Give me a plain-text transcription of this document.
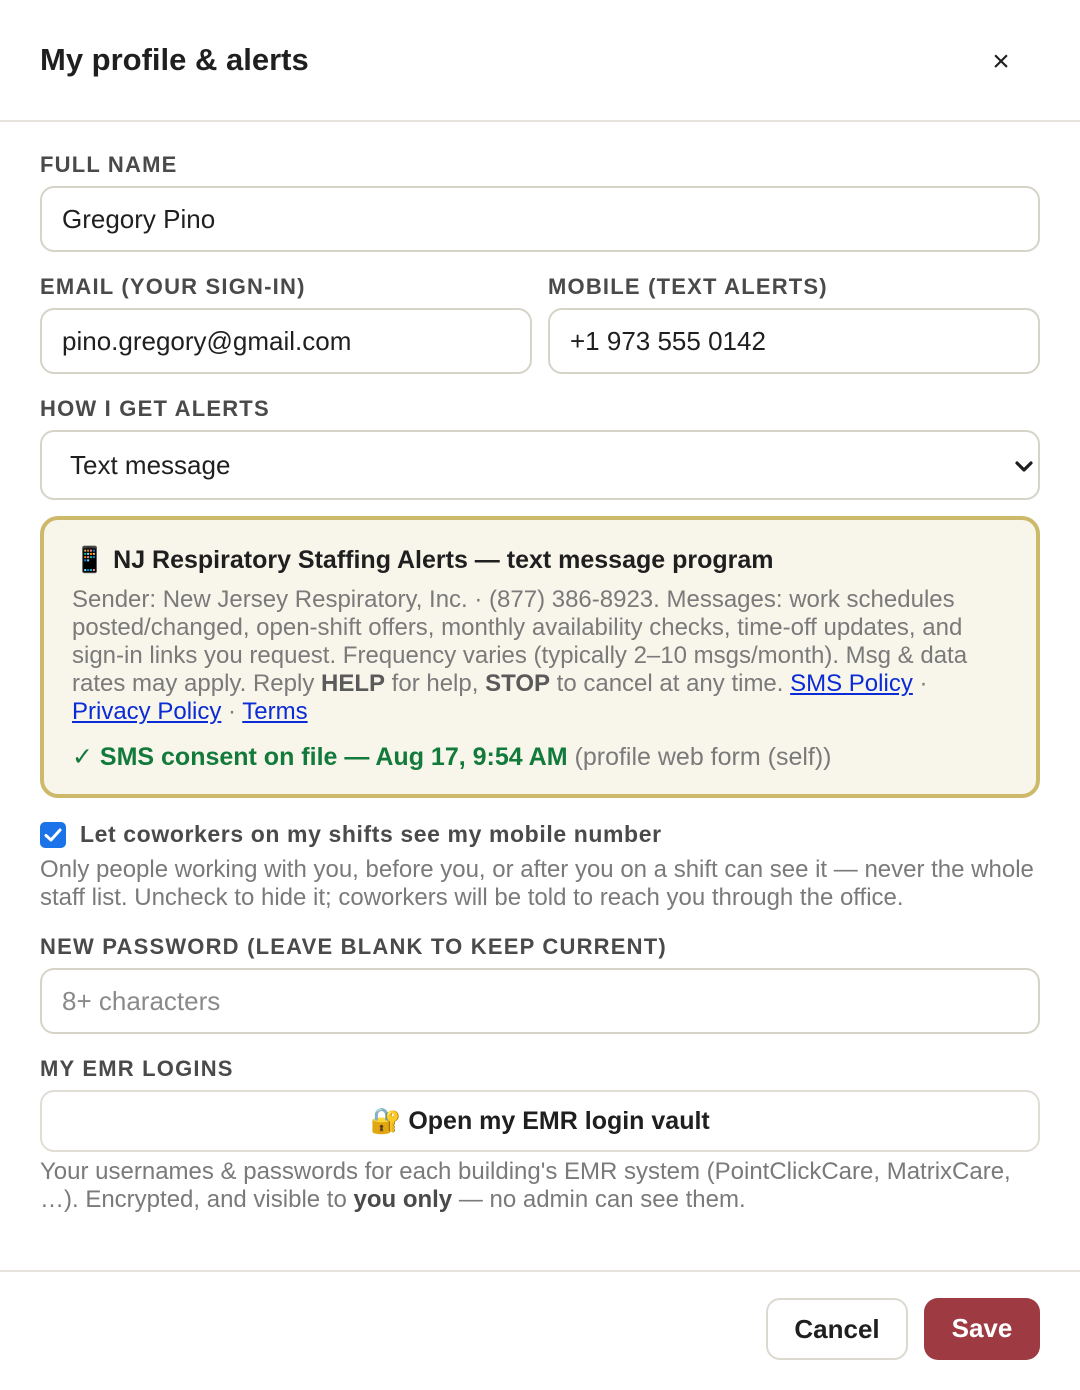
My profile & alerts	×
FULL NAME
Gregory Pino
EMAIL (YOUR SIGN-IN)
pino.gregory@gmail.com
MOBILE (TEXT ALERTS)
+1 973 555 0142
HOW I GET ALERTS
Text message
📱 NJ Respiratory Staffing Alerts — text message program
Sender: New Jersey Respiratory, Inc. · (877) 386-8923. Messages: work schedules posted/changed, open-shift offers, monthly availability checks, time-off updates, and sign-in links you request. Frequency varies (typically 2–10 msgs/month). Msg & data rates may apply. Reply HELP for help, STOP to cancel at any time. SMS Policy · Privacy Policy · Terms
✓ SMS consent on file — Aug 17, 9:54 AM (profile web form (self))
Let coworkers on my shifts see my mobile number
Only people working with you, before you, or after you on a shift can see it — never the whole staff list. Uncheck to hide it; coworkers will be told to reach you through the office.
NEW PASSWORD (LEAVE BLANK TO KEEP CURRENT)
8+ characters
MY EMR LOGINS
🔐 Open my EMR login vault
Your usernames & passwords for each building's EMR system (PointClickCare, MatrixCare, …). Encrypted, and visible to you only — no admin can see them.
Cancel	Save
